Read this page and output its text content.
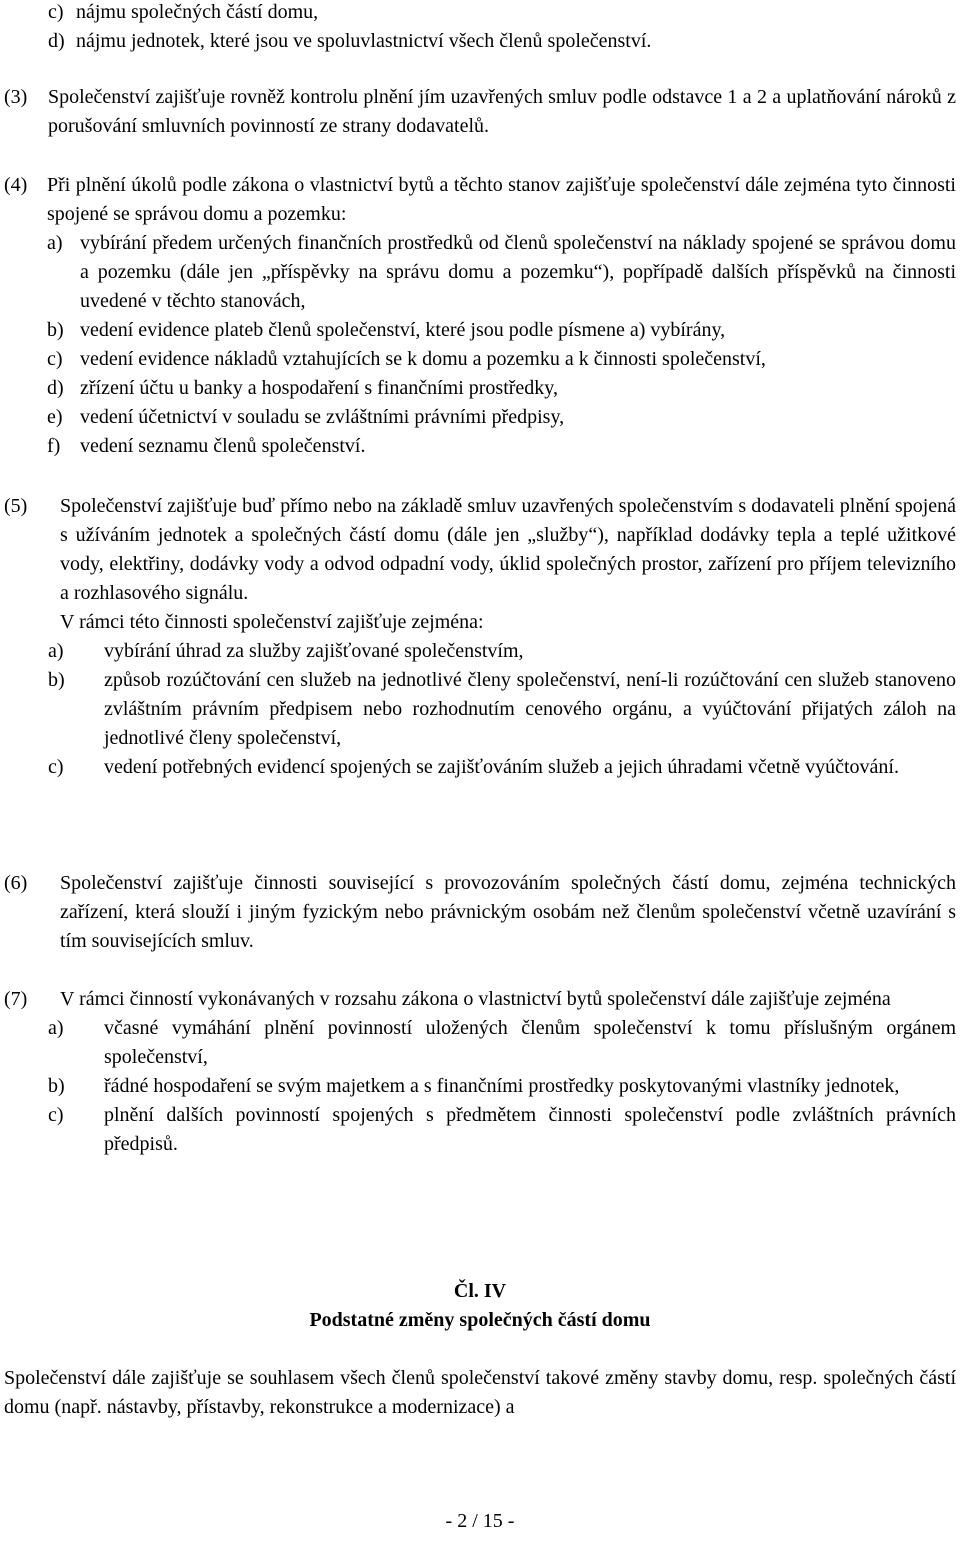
c) nájmu společných částí domu,
d) nájmu jednotek, které jsou ve spoluvlastnictví všech členů společenství.
(3)	Společenství zajišťuje rovněž kontrolu plnění jím uzavřených smluv podle odstavce 1 a 2 a uplatňování nároků z porušování smluvních povinností ze strany dodavatelů.
(4) Při plnění úkolů podle zákona o vlastnictví bytů a těchto stanov zajišťuje společenství dále zejména tyto činnosti spojené se správou domu a pozemku:
a) vybírání předem určených finančních prostředků od členů společenství na náklady spojené se správou domu a pozemku (dále jen „příspěvky na správu domu a pozemku“), popřípadě dalších příspěvků na činnosti uvedené v těchto stanovách,
b) vedení evidence plateb členů společenství, které jsou podle písmene a) vybírány,
c) vedení evidence nákladů vztahujících se k domu a pozemku a k činnosti společenství,
d) zřízení účtu u banky a hospodaření s finančními prostředky,
e) vedení účetnictví v souladu se zvláštními právními předpisy,
f) vedení seznamu členů společenství.
(5)	Společenství zajišťuje buď přímo nebo na základě smluv uzavřených společenstvím s dodavateli plnění spojená s užíváním jednotek a společných částí domu (dále jen „služby“), například dodávky tepla a teplé užitkové vody, elektřiny, dodávky vody a odvod odpadní vody, úklid společných prostor, zařízení pro příjem televizního a rozhlasového signálu.
V rámci této činnosti společenství zajišťuje zejména:
a)	vybírání úhrad za služby zajišťované společenstvím,
b)	způsob rozúčtování cen služeb na jednotlivé členy společenství, není-li rozúčtování cen služeb stanoveno zvláštním právním předpisem nebo rozhodnutím cenového orgánu, a vyúčtování přijatých záloh na jednotlivé členy společenství,
c)	vedení potřebných evidencí spojených se zajišťováním služeb a jejich úhradami včetně vyúčtování.
(6)	Společenství zajišťuje činnosti související s provozováním společných částí domu, zejména technických zařízení, která slouží i jiným fyzickým nebo právnickým osobám než členům společenství včetně uzavírání s tím souvisejících smluv.
(7)	V rámci činností vykonávaných v rozsahu zákona o vlastnictví bytů společenství dále zajišťuje zejména
a)	včasné vymáhání plnění povinností uložených členům společenství k tomu příslušným orgánem společenství,
b)	řádné hospodaření se svým majetkem a s finančními prostředky poskytovanými vlastníky jednotek,
c)	plnění dalších povinností spojených s předmětem činnosti společenství podle zvláštních právních předpisů.
Čl. IV
Podstatné změny společných částí domu
Společenství dále zajišťuje se souhlasem všech členů společenství takové změny stavby domu, resp. společných částí domu (např. nástavby, přístavby, rekonstrukce a modernizace) a
- 2 / 15 -
